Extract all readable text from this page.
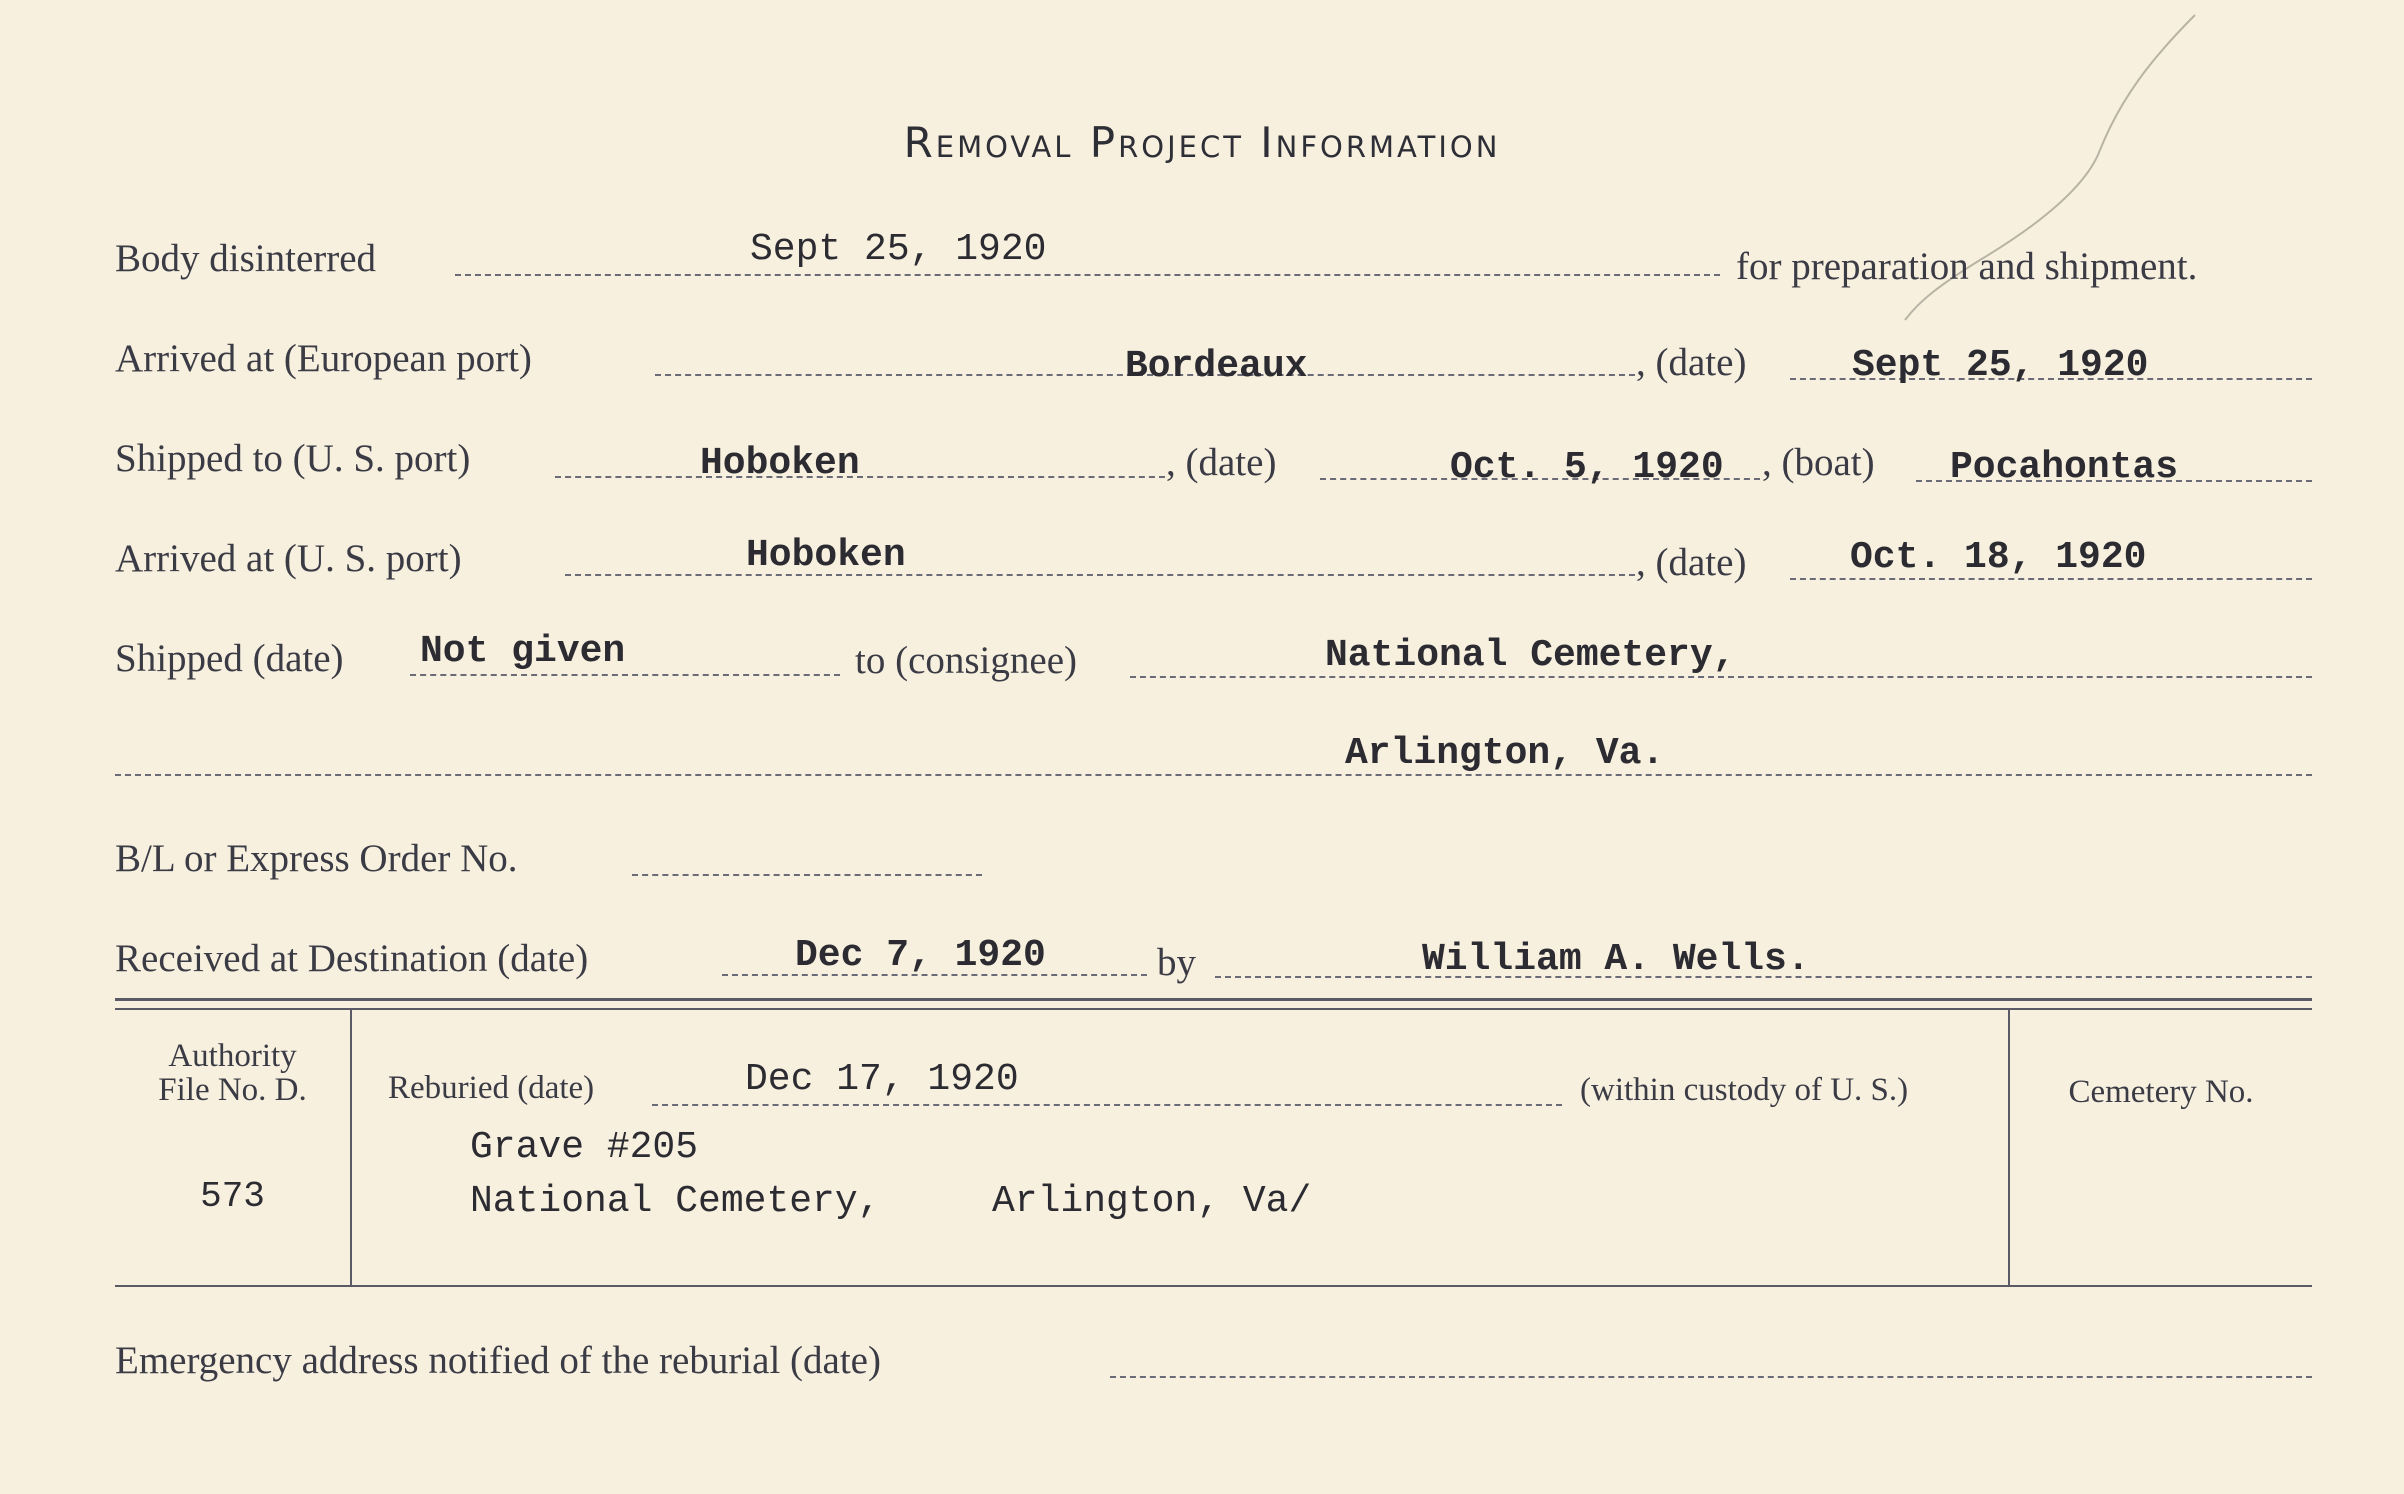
Removal Project Information
Body disinterred	Sept 25, 1920	for preparation and shipment.
Arrived at (European port)	Bordeaux	, (date)	Sept 25, 1920
Shipped to (U. S. port)	Hoboken	, (date)	Oct. 5, 1920 , (boat) Pocahontas
Arrived at (U. S. port)	Hoboken	, (date)	Oct. 18, 1920
Shipped (date) Not given	to (consignee)	National Cemetery,
Arlington, Va.
B/L or Express Order No.
Received at Destination (date)	Dec 7, 1920	by	William A. Wells.
Authority
File No. D.
573
Reburied (date)	Dec 17, 1920	(within custody of U. S.)
Grave #205
National Cemetery,	Arlington, Va/
Cemetery No.
Emergency address notified of the reburial (date)
